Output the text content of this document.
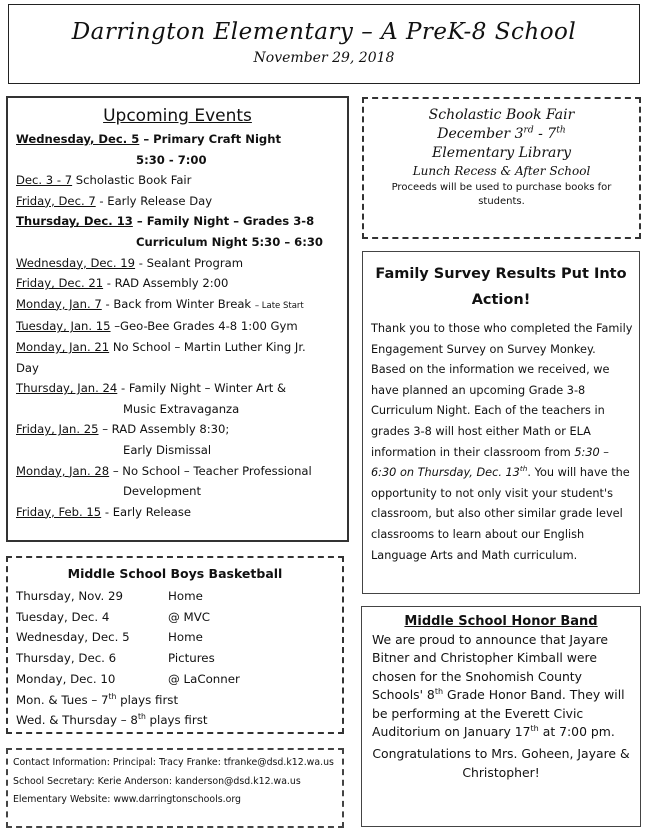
Darrington Elementary – A PreK-8 School
November 29, 2018
Upcoming Events
Wednesday, Dec. 5 – Primary Craft Night
5:30 - 7:00
Dec. 3 - 7 Scholastic Book Fair
Friday, Dec. 7 - Early Release Day
Thursday, Dec. 13 – Family Night – Grades 3-8
Curriculum Night 5:30 – 6:30
Wednesday, Dec. 19 - Sealant Program
Friday, Dec. 21 - RAD Assembly 2:00
Monday, Jan. 7 - Back from Winter Break – Late Start
Tuesday, Jan. 15 –Geo-Bee Grades 4-8 1:00 Gym
Monday, Jan. 21 No School – Martin Luther King Jr.
Day
Thursday, Jan. 24 - Family Night – Winter Art &
Music Extravaganza
Friday, Jan. 25 – RAD Assembly 8:30;
Early Dismissal
Monday, Jan. 28 – No School – Teacher Professional
Development
Friday, Feb. 15 - Early Release
Scholastic Book Fair
December 3rd - 7th
Elementary Library
Lunch Recess & After School
Proceeds will be used to purchase books for students.
Family Survey Results Put Into Action!

Thank you to those who completed the Family Engagement Survey on Survey Monkey. Based on the information we received, we have planned an upcoming Grade 3-8 Curriculum Night. Each of the teachers in grades 3-8 will host either Math or ELA information in their classroom from 5:30 – 6:30 on Thursday, Dec. 13th. You will have the opportunity to not only visit your student's classroom, but also other similar grade level classrooms to learn about our English Language Arts and Math curriculum.

Middle School Boys Basketball
Thursday, Nov. 29	Home
Tuesday, Dec. 4	@ MVC
Wednesday, Dec. 5	Home
Thursday, Dec. 6	Pictures
Monday, Dec. 10	@ LaConner
Mon. & Tues – 7th plays first
Wed. & Thursday – 8th plays first
Contact Information: Principal: Tracy Franke: tfranke@dsd.k12.wa.us
School Secretary: Kerie Anderson: kanderson@dsd.k12.wa.us
Elementary Website: www.darringtonschools.org
Middle School Honor Band

We are proud to announce that Jayare Bitner and Christopher Kimball were chosen for the Snohomish County Schools' 8th Grade Honor Band. They will be performing at the Everett Civic Auditorium on January 17th at 7:00 pm.

Congratulations to Mrs. Goheen, Jayare & Christopher!
